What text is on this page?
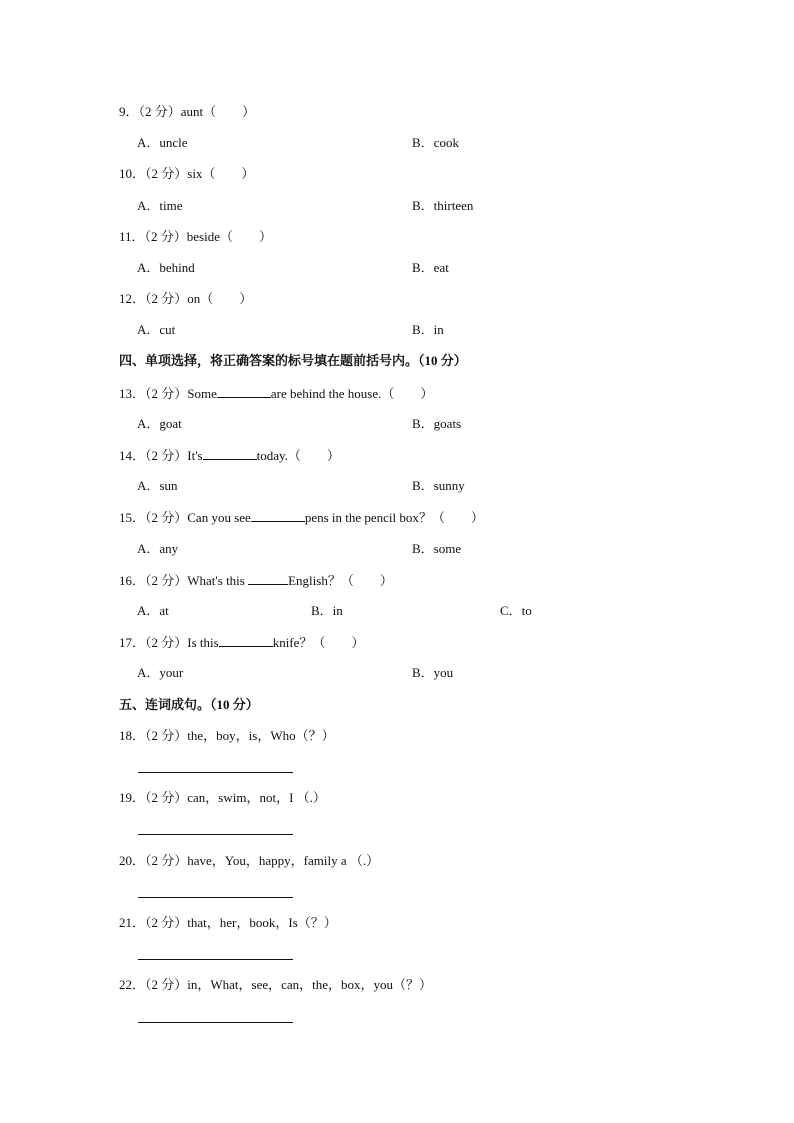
9．（2 分）aunt（　　）
A．uncle	B．cook
10．（2 分）six（　　）
A．time	B．thirteen
11．（2 分）beside（　　）
A．behind	B．eat
12．（2 分）on（　　）
A．cut	B．in
四、单项选择，将正确答案的标号填在题前括号内。（10 分）
13．（2 分）Some	are behind the house.（　　）
A．goat	B．goats
14．（2 分）It's	today.（　　）
A．sun	B．sunny
15．（2 分）Can you see	pens in the pencil box？（　　）
A．any	B．some
16．（2 分）What's this	English？（　　）
A．at	B．in	C．to
17．（2 分）Is this	knife？（　　）
A．your	B．you
五、连词成句。（10 分）
18．（2 分）the，boy，is，Who（？）
19．（2 分）can，swim，not，I （.）
20．（2 分）have，You，happy，family a （.）
21．（2 分）that，her，book，Is（？）
22．（2 分）in，What，see，can，the，box，you（？）
